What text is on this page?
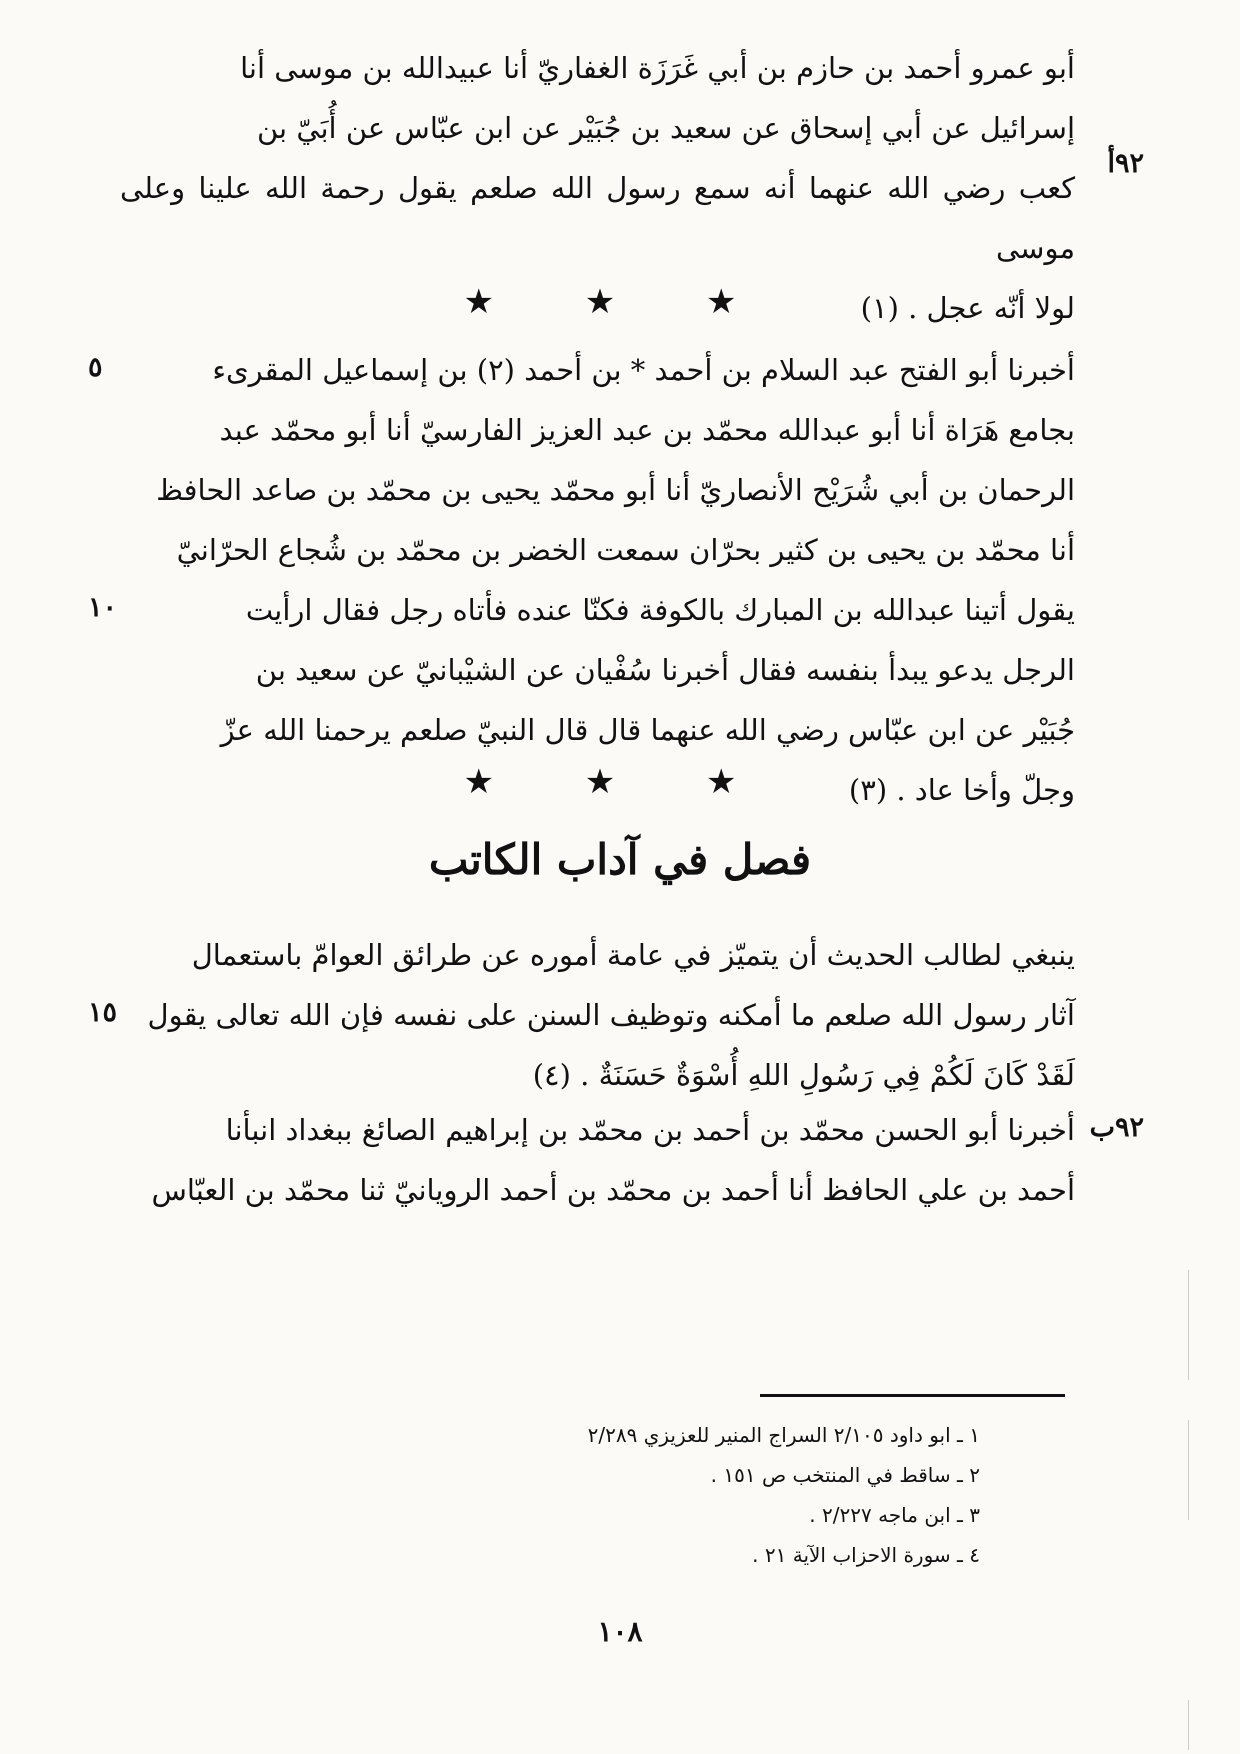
أبو عمرو أحمد بن حازم بن أبي غَرَزَة الغفاريّ أنا عبيدالله بن موسى أنا
إسرائيل عن أبي إسحاق عن سعيد بن جُبَيْر عن ابن عبّاس عن أُبَيّ بن
كعب رضي الله عنهما أنه سمع رسول الله صلعم يقول رحمة الله علينا وعلى موسى
لولا أنّه عجل . (١)
٩٢أ
★ ★ ★
أخبرنا أبو الفتح عبد السلام بن أحمد * بن أحمد (٢) بن إسماعيل المقرىء
بجامع هَرَاة أنا أبو عبدالله محمّد بن عبد العزيز الفارسيّ أنا أبو محمّد عبد
الرحمان بن أبي شُرَيْح الأنصاريّ أنا أبو محمّد يحيى بن محمّد بن صاعد الحافظ
أنا محمّد بن يحيى بن كثير بحرّان سمعت الخضر بن محمّد بن شُجاع الحرّانيّ
يقول أتينا عبدالله بن المبارك بالكوفة فكنّا عنده فأتاه رجل فقال ارأيت
الرجل يدعو يبدأ بنفسه فقال أخبرنا سُفْيان عن الشيْبانيّ عن سعيد بن
جُبَيْر عن ابن عبّاس رضي الله عنهما قال قال النبيّ صلعم يرحمنا الله عزّ
وجلّ وأخا عاد . (٣)
٥
١٠
★ ★ ★
فصل في آداب الكاتب
ينبغي لطالب الحديث أن يتميّز في عامة أموره عن طرائق العوامّ باستعمال
آثار رسول الله صلعم ما أمكنه وتوظيف السنن على نفسه فإن الله تعالى يقول
لَقَدْ كَانَ لَكُمْ فِي رَسُولِ اللهِ أُسْوَةٌ حَسَنَةٌ . (٤)
١٥
أخبرنا أبو الحسن محمّد بن أحمد بن محمّد بن إبراهيم الصائغ ببغداد انبأنا
أحمد بن علي الحافظ أنا أحمد بن محمّد بن أحمد الرويانيّ ثنا محمّد بن العبّاس
٩٢ب
١ ـ ابو داود ٢/١٠٥ السراج المنير للعزيزي ٢/٢٨٩
٢ ـ ساقط في المنتخب ص ١٥١ .
٣ ـ ابن ماجه ٢/٢٢٧ .
٤ ـ سورة الاحزاب الآية ٢١ .
١٠٨
